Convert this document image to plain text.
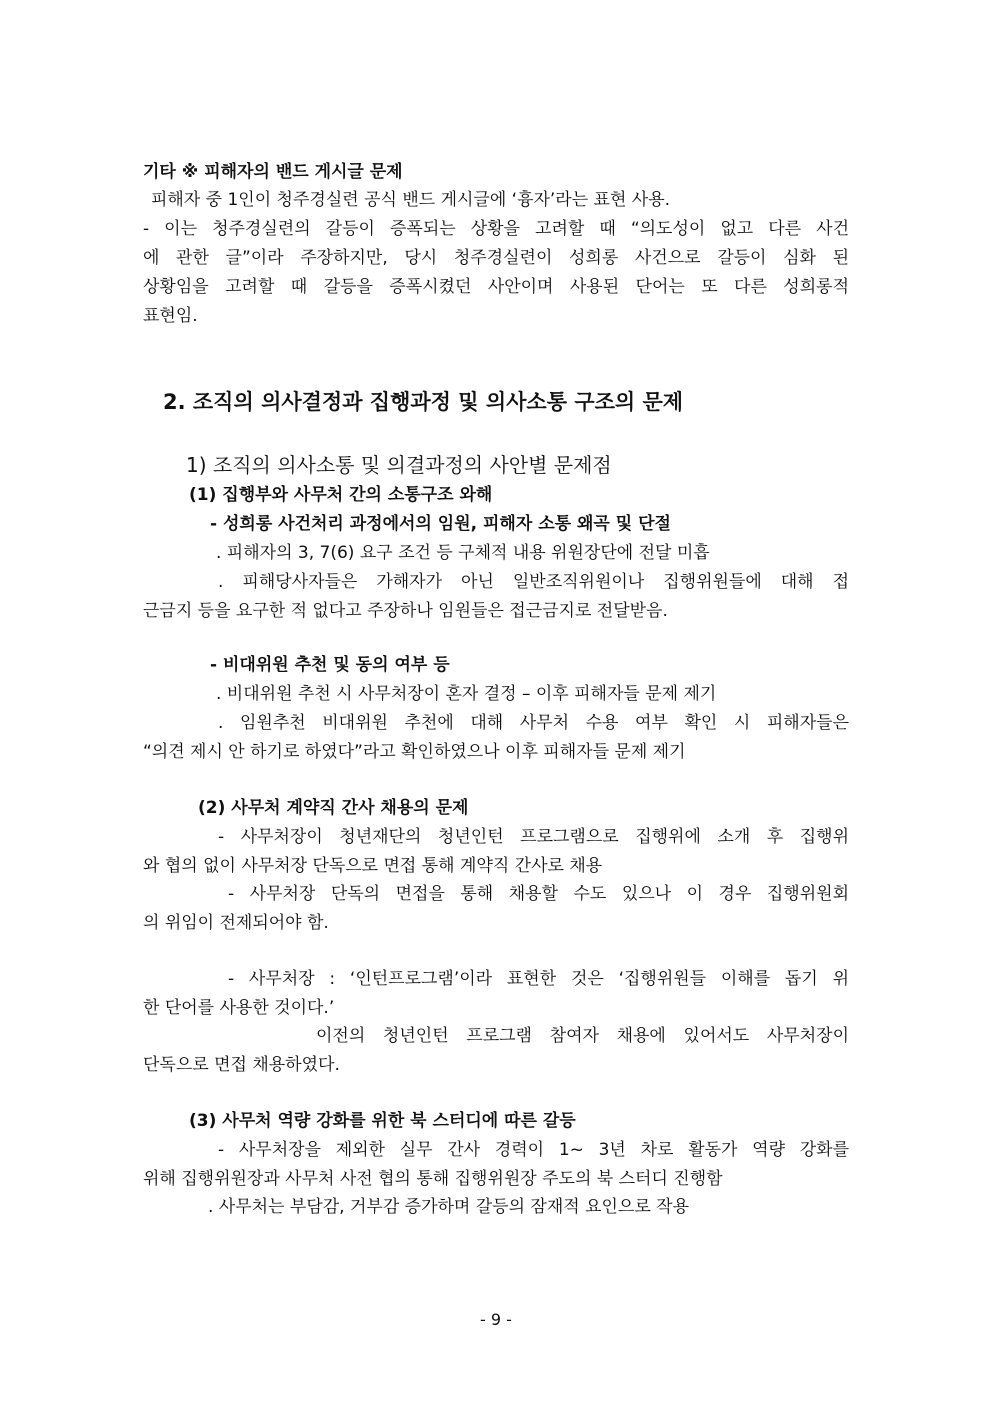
기타 ※ 피해자의 밴드 게시글 문제

피해자 중 1인이 청주경실련 공식 밴드 게시글에 ‘흉자’라는 표현 사용.

- 이는 청주경실련의 갈등이 증폭되는 상황을 고려할 때 “의도성이 없고 다른 사건

에 관한 글”이라 주장하지만, 당시 청주경실련이 성희롱 사건으로 갈등이 심화 된

상황임을 고려할 때 갈등을 증폭시켰던 사안이며 사용된 단어는 또 다른 성희롱적

표현임.

2. 조직의 의사결정과 집행과정 및 의사소통 구조의 문제

1) 조직의 의사소통 및 의결과정의 사안별 문제점

(1) 집행부와 사무처 간의 소통구조 와해

- 성희롱 사건처리 과정에서의 임원, 피해자 소통 왜곡 및 단절

. 피해자의 3, 7(6) 요구 조건 등 구체적 내용 위원장단에 전달 미흡

. 피해당사자들은 가해자가 아닌 일반조직위원이나 집행위원들에 대해 접

근금지 등을 요구한 적 없다고 주장하나 임원들은 접근금지로 전달받음.

- 비대위원 추천 및 동의 여부 등

. 비대위원 추천 시 사무처장이 혼자 결정 – 이후 피해자들 문제 제기

. 임원추천 비대위원 추천에 대해 사무처 수용 여부 확인 시 피해자들은

“의견 제시 안 하기로 하였다”라고 확인하였으나 이후 피해자들 문제 제기

(2) 사무처 계약직 간사 채용의 문제

- 사무처장이 청년재단의 청년인턴 프로그램으로 집행위에 소개 후 집행위

와 협의 없이 사무처장 단독으로 면접 통해 계약직 간사로 채용

- 사무처장 단독의 면접을 통해 채용할 수도 있으나 이 경우 집행위원회

의 위임이 전제되어야 함.

- 사무처장 : ‘인턴프로그램’이라 표현한 것은 ‘집행위원들 이해를 돕기 위

한 단어를 사용한 것이다.’

이전의 청년인턴 프로그램 참여자 채용에 있어서도 사무처장이

단독으로 면접 채용하였다.

(3) 사무처 역량 강화를 위한 북 스터디에 따른 갈등

- 사무처장을 제외한 실무 간사 경력이 1~ 3년 차로 활동가 역량 강화를

위해 집행위원장과 사무처 사전 협의 통해 집행위원장 주도의 북 스터디 진행함

. 사무처는 부담감, 거부감 증가하며 갈등의 잠재적 요인으로 작용

- 9 -
